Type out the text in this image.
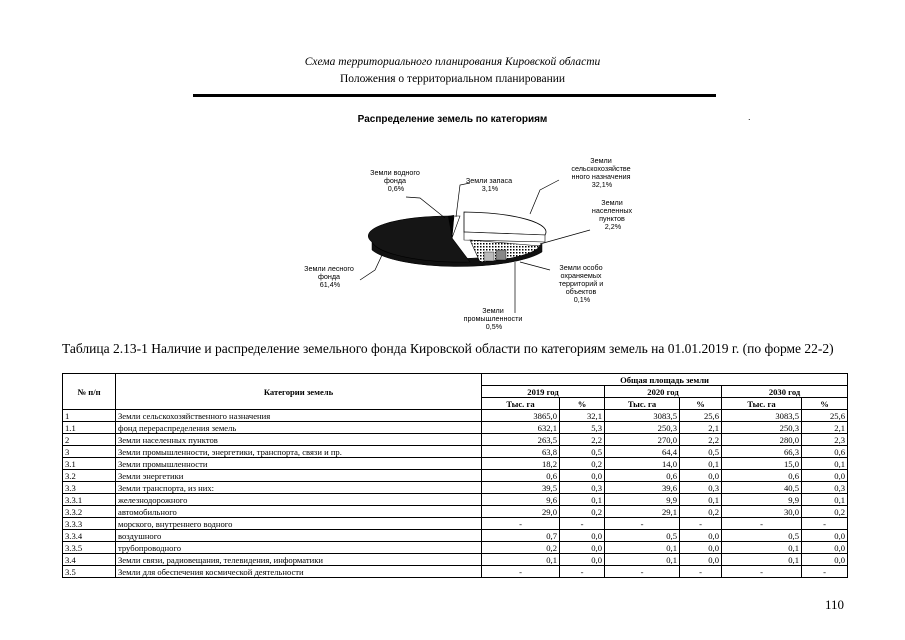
Схема территориального планирования Кировской области
Положения о территориальном планировании
Распределение земель по категориям	.
Земли водного фонда 0,6%
Земли запаса 3,1%
Земли сельскохозяйстве нного назначения 32,1%
Земли населенных пунктов 2,2%
Земли особо охраняемых территорий и объектов 0,1%
Земли промышленности 0,5%
Земли лесного фонда 61,4%
Таблица 2.13-1 Наличие и распределение земельного фонда Кировской области по категориям земель на 01.01.2019 г. (по форме 22-2)
№ п/п	Категории земель	Общая площадь земли					
		2019 год		2020 год		2030 год	
		Тыс. га	%	Тыс. га	%	Тыс. га	%
1	Земли сельскохозяйственного назначения	3865,0	32,1	3083,5	25,6	3083,5	25,6
1.1	фонд перераспределения земель	632,1	5,3	250,3	2,1	250,3	2,1
2	Земли населенных пунктов	263,5	2,2	270,0	2,2	280,0	2,3
3	Земли промышленности, энергетики, транспорта, связи и пр.	63,8	0,5	64,4	0,5	66,3	0,6
3.1	Земли промышленности	18,2	0,2	14,0	0,1	15,0	0,1
3.2	Земли энергетики	0,6	0,0	0,6	0,0	0,6	0,0
3.3	Земли транспорта, из них:	39,5	0,3	39,6	0,3	40,5	0,3
3.3.1	железнодорожного	9,6	0,1	9,9	0,1	9,9	0,1
3.3.2	автомобильного	29,0	0,2	29,1	0,2	30,0	0,2
3.3.3	морского, внутреннего водного	-	-	-	-	-	-
3.3.4	воздушного	0,7	0,0	0,5	0,0	0,5	0,0
3.3.5	трубопроводного	0,2	0,0	0,1	0,0	0,1	0,0
3.4	Земли связи, радиовещания, телевидения, информатики	0,1	0,0	0,1	0,0	0,1	0,0
3.5	Земли для обеспечения космической деятельности	-	-	-	-	-	-
110
